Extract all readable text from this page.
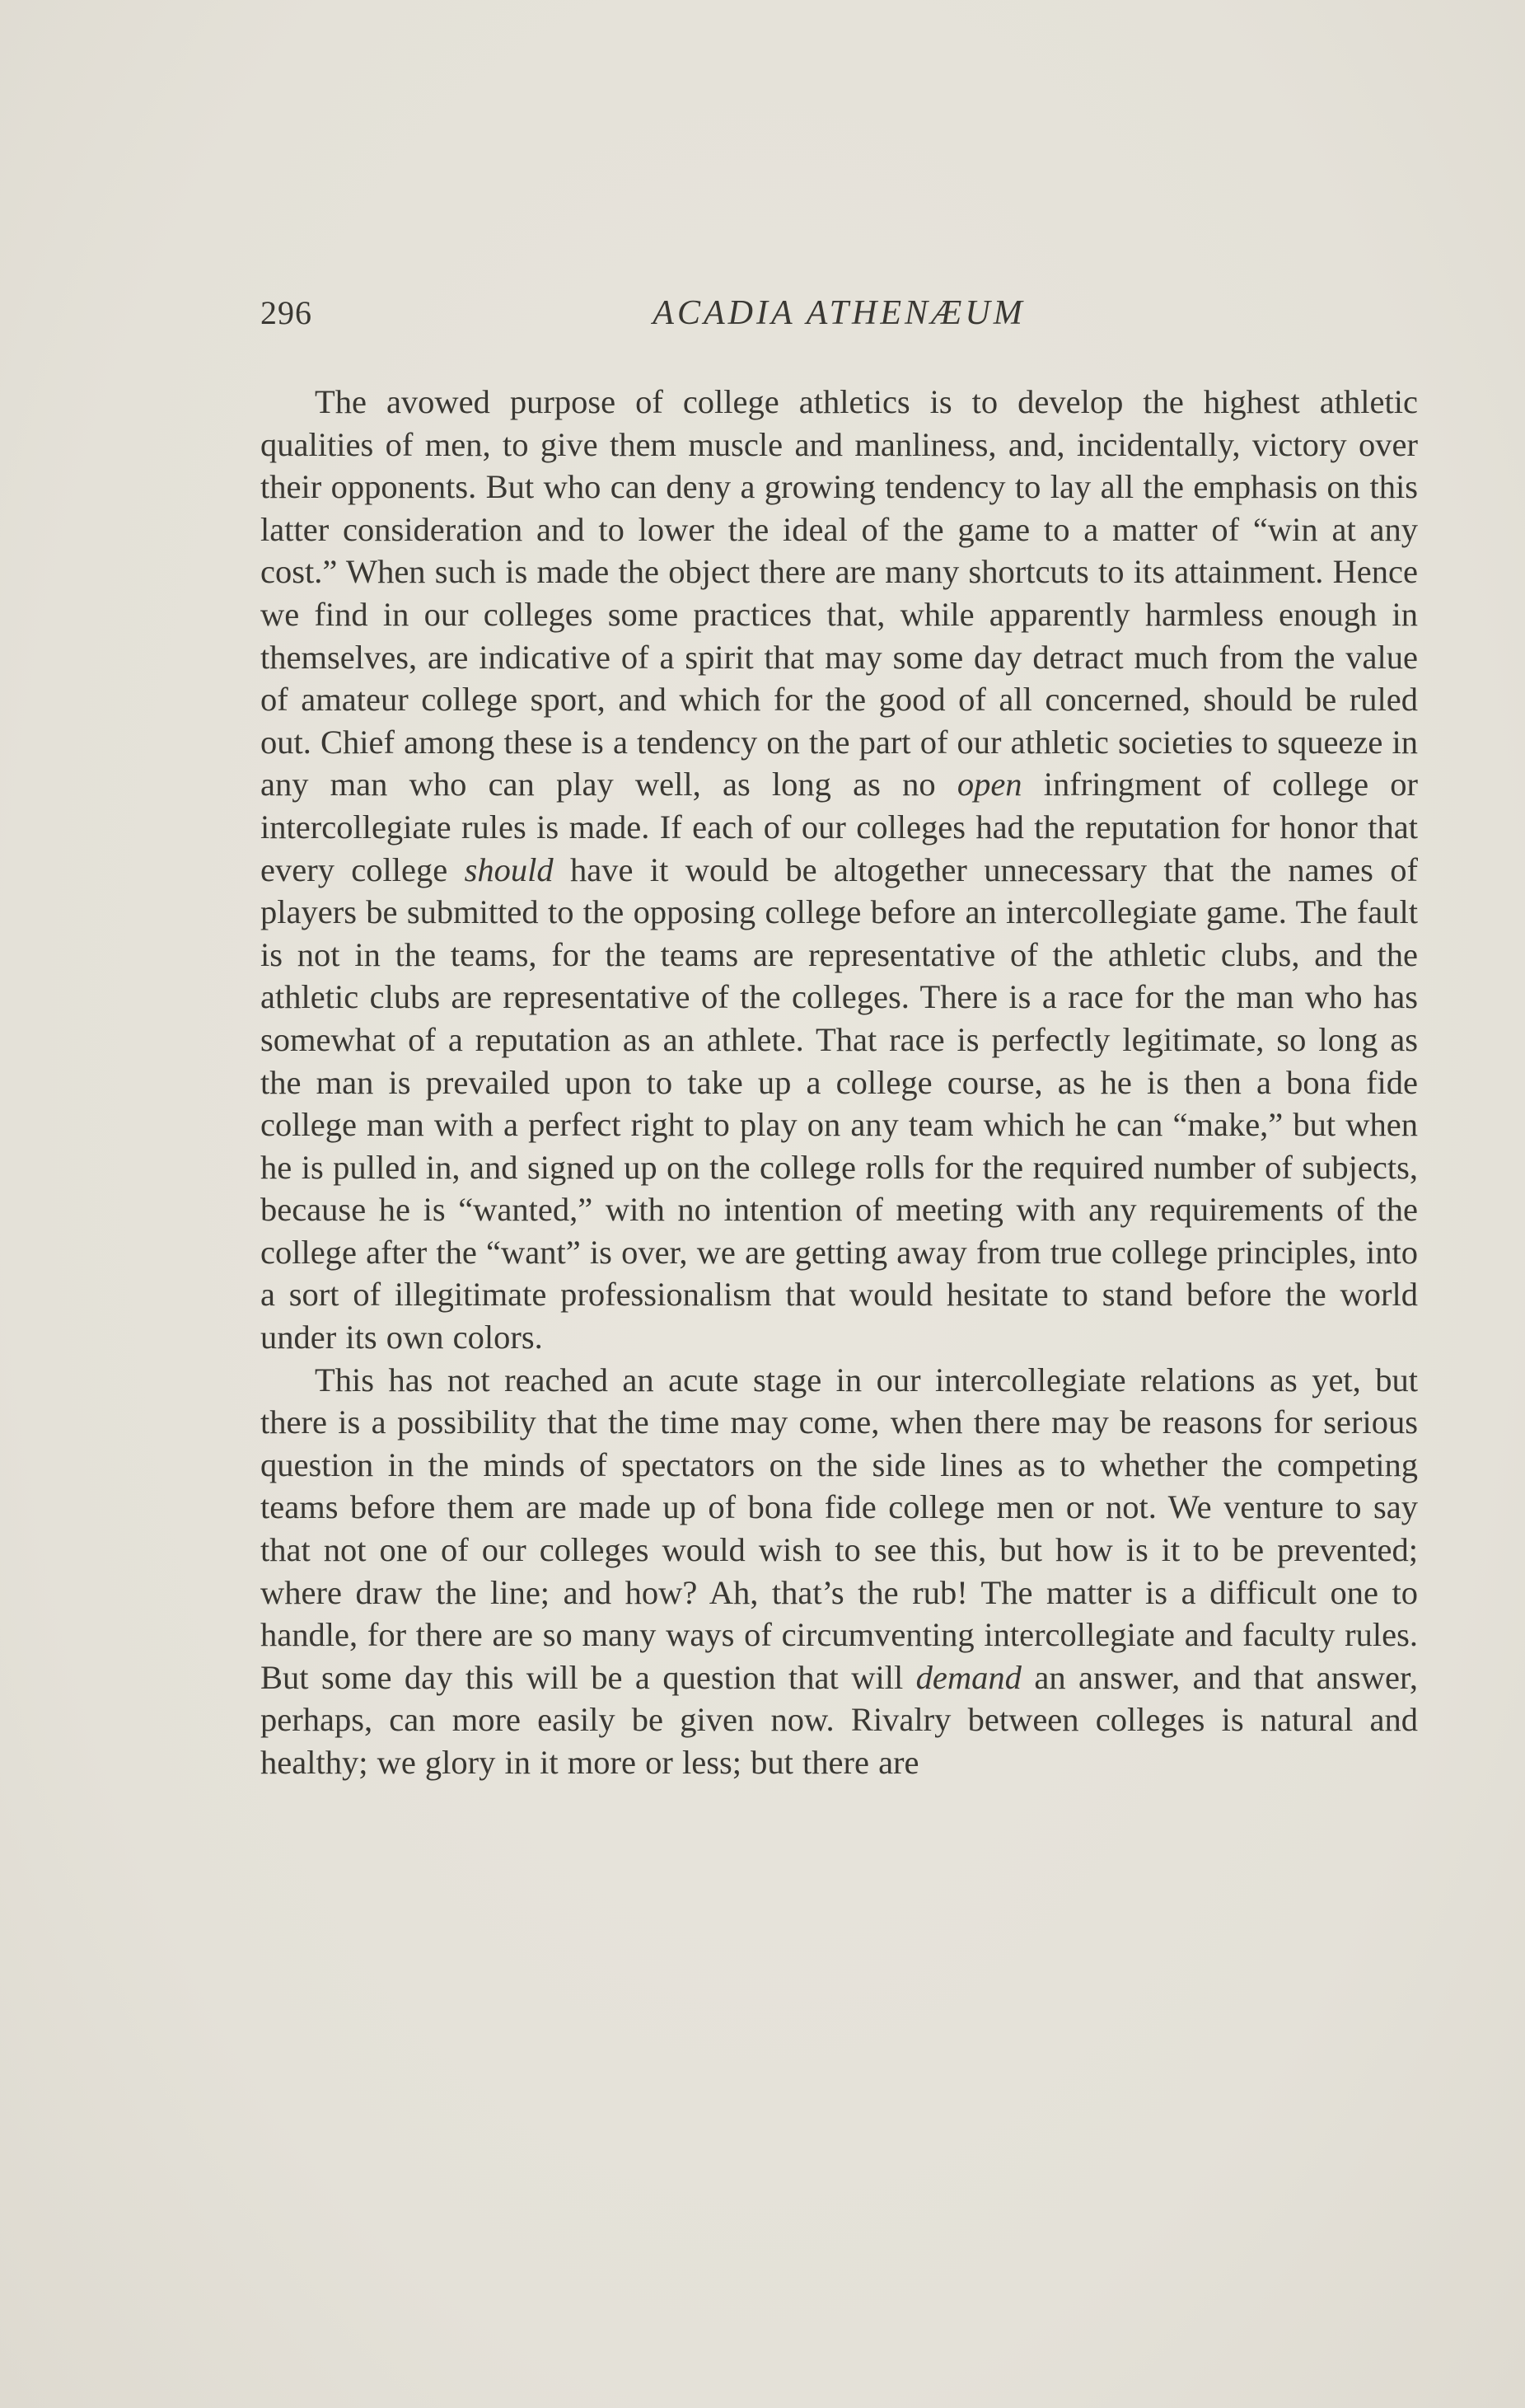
296	ACADIA ATHENÆUM

The avowed purpose of college athletics is to develop the highest athletic qualities of men, to give them muscle and manliness, and, incidentally, victory over their opponents. But who can deny a growing tendency to lay all the emphasis on this latter consideration and to lower the ideal of the game to a matter of “win at any cost.” When such is made the object there are many shortcuts to its attainment. Hence we find in our colleges some practices that, while apparently harmless enough in themselves, are indicative of a spirit that may some day detract much from the value of amateur college sport, and which for the good of all concerned, should be ruled out. Chief among these is a tendency on the part of our athletic societies to squeeze in any man who can play well, as long as no open infringment of college or intercollegiate rules is made. If each of our colleges had the reputation for honor that every college should have it would be altogether unnecessary that the names of players be submitted to the opposing college before an intercollegiate game. The fault is not in the teams, for the teams are representative of the athletic clubs, and the athletic clubs are representative of the colleges. There is a race for the man who has somewhat of a reputation as an athlete. That race is perfectly legitimate, so long as the man is prevailed upon to take up a college course, as he is then a bona fide college man with a perfect right to play on any team which he can “make,” but when he is pulled in, and signed up on the college rolls for the required number of subjects, because he is “wanted,” with no intention of meeting with any requirements of the college after the “want” is over, we are getting away from true college principles, into a sort of illegitimate professionalism that would hesitate to stand before the world under its own colors.

This has not reached an acute stage in our intercollegiate relations as yet, but there is a possibility that the time may come, when there may be reasons for serious question in the minds of spectators on the side lines as to whether the competing teams before them are made up of bona fide college men or not. We venture to say that not one of our colleges would wish to see this, but how is it to be prevented; where draw the line; and how? Ah, that’s the rub! The matter is a difficult one to handle, for there are so many ways of circumventing intercollegiate and faculty rules. But some day this will be a question that will demand an answer, and that answer, perhaps, can more easily be given now. Rivalry between colleges is natural and healthy; we glory in it more or less; but there are
